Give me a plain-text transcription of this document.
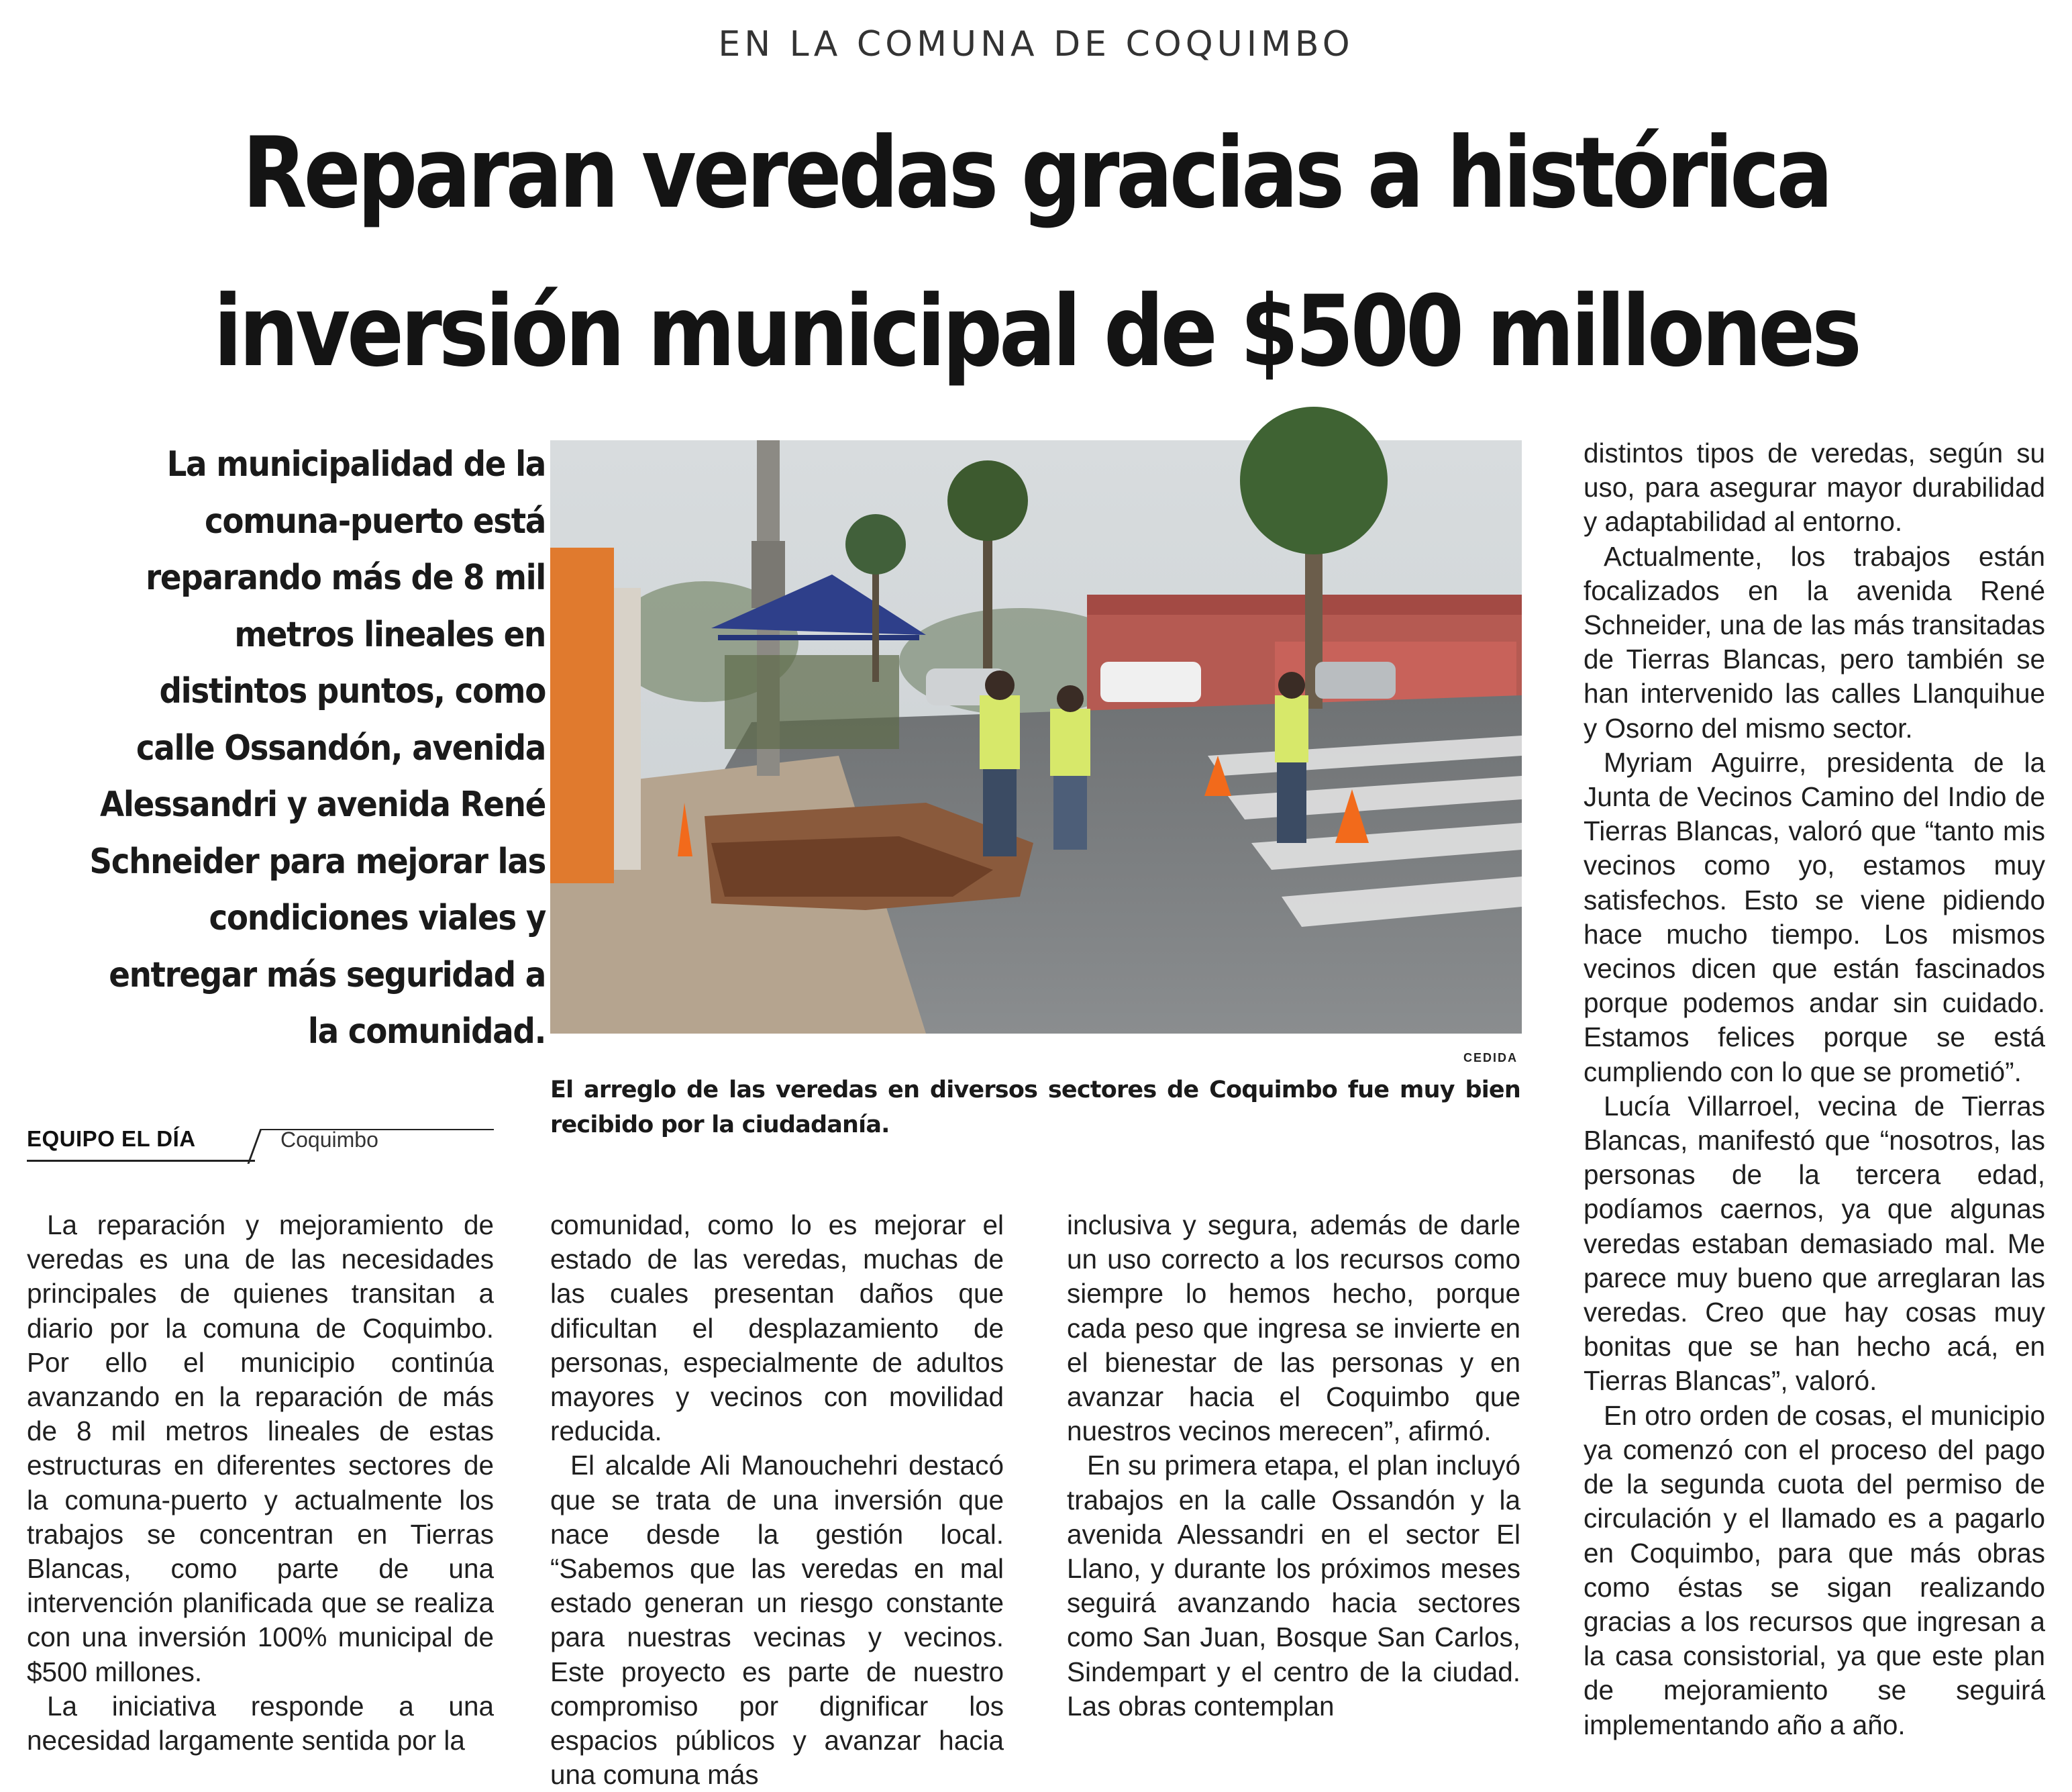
EN LA COMUNA DE COQUIMBO
Reparan veredas gracias a histórica
inversión municipal de $500 millones
La municipalidad de la comuna-puerto está reparando más de 8 mil metros lineales en distintos puntos, como calle Ossandón, avenida Alessandri y avenida René Schneider para mejorar las condiciones viales y entregar más seguridad a la comunidad.
EQUIPO EL DÍA	Coquimbo
CEDIDA
El arreglo de las veredas en diversos sectores de Coquimbo fue muy bien recibido por la ciudadanía.

La reparación y mejoramiento de veredas es una de las necesidades principales de quienes transitan a diario por la comuna de Coquimbo. Por ello el municipio continúa avanzando en la reparación de más de 8 mil metros lineales de estas estructuras en diferentes sectores de la comuna-puerto y actualmente los trabajos se concentran en Tierras Blancas, como parte de una intervención planificada que se realiza con una inversión 100% municipal de $500 millones.

La iniciativa responde a una necesidad largamente sentida por la

comunidad, como lo es mejorar el estado de las veredas, muchas de las cuales presentan daños que dificultan el desplazamiento de personas, especialmente de adultos mayores y vecinos con movilidad reducida.

El alcalde Ali Manouchehri destacó que se trata de una inversión que nace desde la gestión local. “Sabemos que las veredas en mal estado generan un riesgo constante para nuestras vecinas y vecinos. Este proyecto es parte de nuestro compromiso por dignificar los espacios públicos y avanzar hacia una comuna más

inclusiva y segura, además de darle un uso correcto a los recursos como siempre lo hemos hecho, porque cada peso que ingresa se invierte en el bienestar de las personas y en avanzar hacia el Coquimbo que nuestros vecinos merecen”, afirmó.

En su primera etapa, el plan incluyó trabajos en la calle Ossandón y la avenida Alessandri en el sector El Llano, y durante los próximos meses seguirá avanzando hacia sectores como San Juan, Bosque San Carlos, Sindempart y el centro de la ciudad. Las obras contemplan

distintos tipos de veredas, según su uso, para asegurar mayor durabilidad y adaptabilidad al entorno.

Actualmente, los trabajos están focalizados en la avenida René Schneider, una de las más transitadas de Tierras Blancas, pero también se han intervenido las calles Llanquihue y Osorno del mismo sector.

Myriam Aguirre, presidenta de la Junta de Vecinos Camino del Indio de Tierras Blancas, valoró que “tanto mis vecinos como yo, estamos muy satisfechos. Esto se viene pidiendo hace mucho tiempo. Los mismos vecinos dicen que están fascinados porque podemos andar sin cuidado. Estamos felices porque se está cumpliendo con lo que se prometió”.

Lucía Villarroel, vecina de Tierras Blancas, manifestó que “nosotros, las personas de la tercera edad, podíamos caernos, ya que algunas veredas estaban demasiado mal. Me parece muy bueno que arreglaran las veredas. Creo que hay cosas muy bonitas que se han hecho acá, en Tierras Blancas”, valoró.

En otro orden de cosas, el municipio ya comenzó con el proceso del pago de la segunda cuota del permiso de circulación y el llamado es a pagarlo en Coquimbo, para que más obras como éstas se sigan realizando gracias a los recursos que ingresan a la casa consistorial, ya que este plan de mejoramiento se seguirá implementando año a año.
